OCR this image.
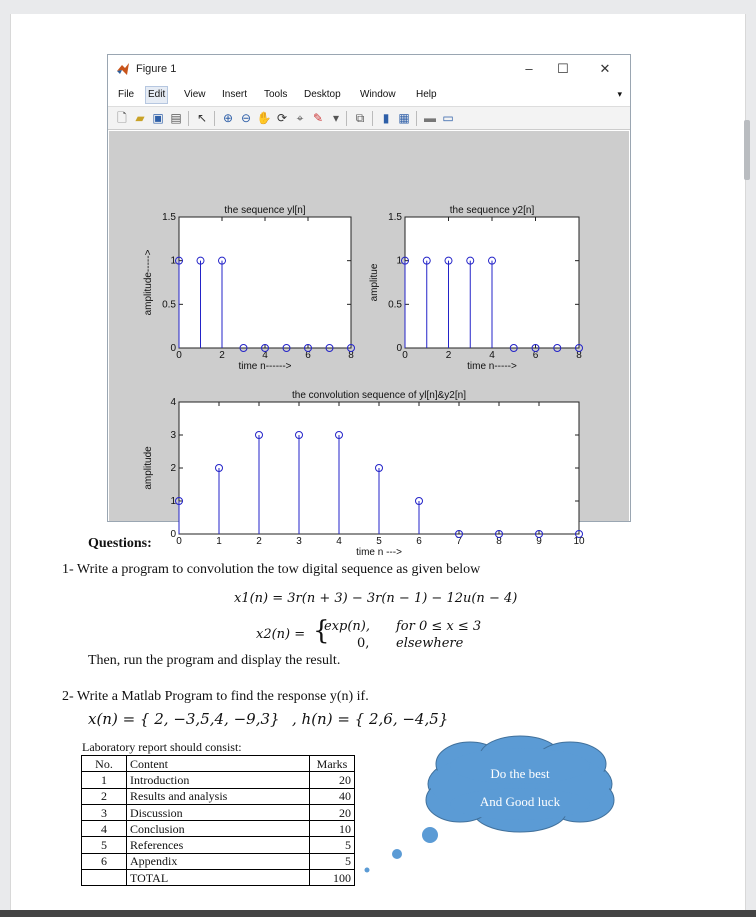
Figure 1	–	☐	✕
File Edit View Insert Tools Desktop Window Help	▾
🗋 ▰ ▣ ▤ ↖ ⊕ ⊖ ✋ ⟳ ⌖ ✎ ▾	⧉	▮ ▦ ▬ ▭
the sequence yl[n]
0	2	4	6	8
0
0.5
1
1.5
time n------>
amplitude----->
the sequence y2[n]
0	2	4	6	8
0
0.5
1
1.5
time n----->
amplitue
the convolution sequence of yl[n]&y2[n]
0	1	2	3	4	5	6	7	8	9	10
0
1
2
3
4
time n --->
amplitude
Questions:
1- Write a program to convolution the tow digital sequence as given below
x1(n) = 3r(n + 3) − 3r(n − 1) − 12u(n − 4)
x2(n) = {
exp(n), for 0 ≤ x ≤ 3
0, elsewhere
Then, run the program and display the result.
2- Write a Matlab Program to find the response y(n) if.
x(n) = { 2, −3,5,4, −9,3} , h(n) = { 2,6, −4,5}
Laboratory report should consist:
No.	Content	Marks
1	Introduction	20
2	Results and analysis	40
3	Discussion	20
4	Conclusion	10
5	References	5
6	Appendix	5
	TOTAL	100
Do the best
And Good luck
